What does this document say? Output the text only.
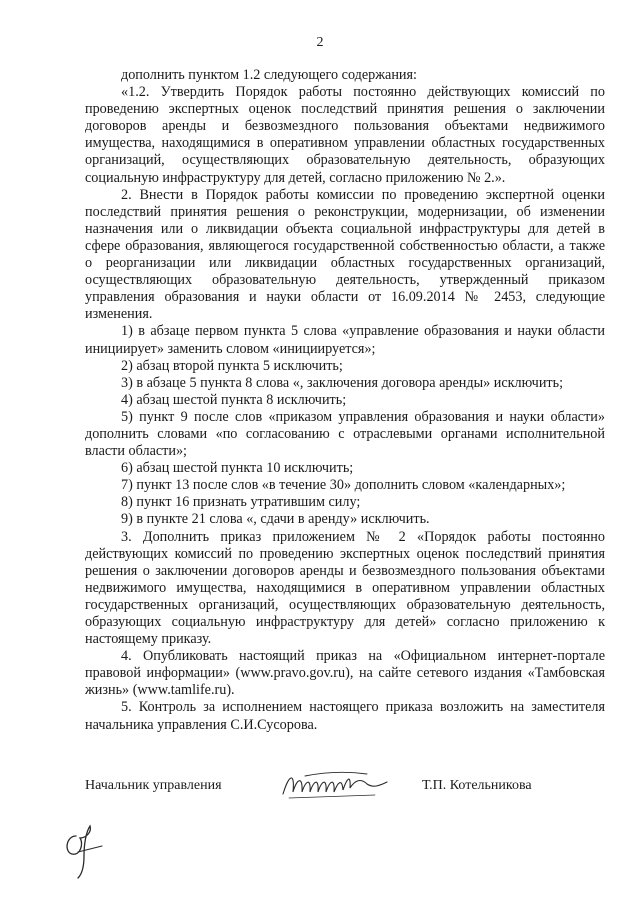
2

дополнить пунктом 1.2 следующего содержания:

«1.2. Утвердить Порядок работы постоянно действующих комиссий по проведению экспертных оценок последствий принятия решения о заключении договоров аренды и безвозмездного пользования объектами недвижимого имущества, находящимися в оперативном управлении областных государственных организаций, осуществляющих образовательную деятельность, образующих социальную инфраструктуру для детей, согласно приложению № 2.».

2. Внести в Порядок работы комиссии по проведению экспертной оценки последствий принятия решения о реконструкции, модернизации, об изменении назначения или о ликвидации объекта социальной инфраструктуры для детей в сфере образования, являющегося государственной собственностью области, а также о реорганизации или ликвидации областных государственных организаций, осуществляющих образовательную деятельность, утвержденный приказом управления образования и науки области от 16.09.2014 № 2453, следующие изменения.

1) в абзаце первом пункта 5 слова «управление образования и науки области инициирует» заменить словом «инициируется»;

2) абзац второй пункта 5 исключить;

3) в абзаце 5 пункта 8 слова «, заключения договора аренды» исключить;

4) абзац шестой пункта 8 исключить;

5) пункт 9 после слов «приказом управления образования и науки области» дополнить словами «по согласованию с отраслевыми органами исполнительной власти области»;

6) абзац шестой пункта 10 исключить;

7) пункт 13 после слов «в течение 30» дополнить словом «календарных»;

8) пункт 16 признать утратившим силу;

9) в пункте 21 слова «, сдачи в аренду» исключить.

3. Дополнить приказ приложением № 2 «Порядок работы постоянно действующих комиссий по проведению экспертных оценок последствий принятия решения о заключении договоров аренды и безвозмездного пользования объектами недвижимого имущества, находящимися в оперативном управлении областных государственных организаций, осуществляющих образовательную деятельность, образующих социальную инфраструктуру для детей» согласно приложению к настоящему приказу.

4. Опубликовать настоящий приказ на «Официальном интернет-портале правовой информации» (www.pravo.gov.ru), на сайте сетевого издания «Тамбовская жизнь» (www.tamlife.ru).

5. Контроль за исполнением настоящего приказа возложить на заместителя начальника управления С.И.Сусорова.

Начальник управления	Т.П. Котельникова
